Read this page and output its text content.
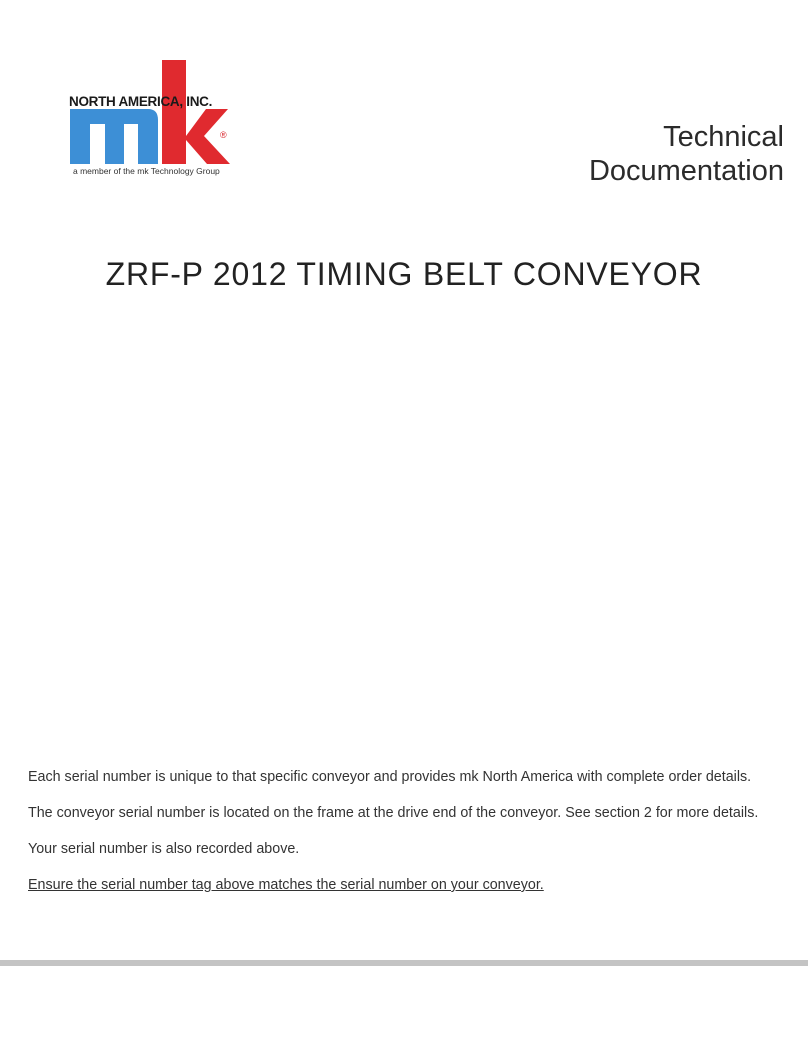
NORTH AMERICA, INC.
®
a member of the mk Technology Group
Technical
Documentation
ZRF-P 2012 TIMING BELT CONVEYOR

Each serial number is unique to that specific conveyor and provides mk North America with complete order details.

The conveyor serial number is located on the frame at the drive end of the conveyor. See section 2 for more details.

Your serial number is also recorded above.

Ensure the serial number tag above matches the serial number on your conveyor.
